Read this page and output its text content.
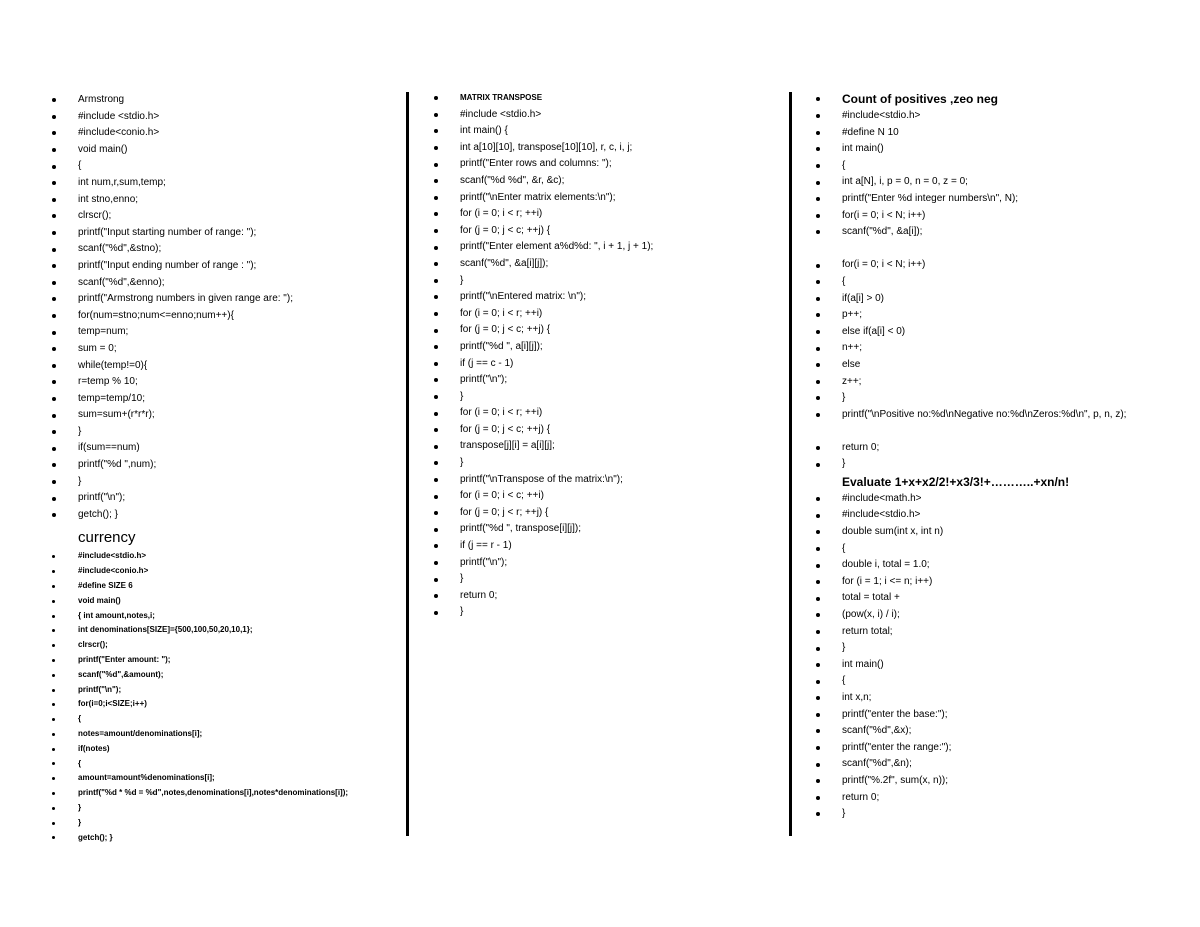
Armstrong
#include <stdio.h>
#include<conio.h>
void main()
{
int num,r,sum,temp;
int stno,enno;
clrscr();
printf("Input starting number of range: ");
scanf("%d",&stno);
printf("Input ending number of range : ");
scanf("%d",&enno);
printf("Armstrong numbers in given range are: ");
for(num=stno;num<=enno;num++){
temp=num;
sum = 0;
while(temp!=0){
r=temp % 10;
temp=temp/10;
sum=sum+(r*r*r);
}
if(sum==num)
printf("%d ",num);
}
printf("\n");
getch(); }
currency
#include<stdio.h>
#include<conio.h>
#define SIZE 6
void main()
{ int amount,notes,i;
int denominations[SIZE]={500,100,50,20,10,1};
clrscr();
printf("Enter amount: ");
scanf("%d",&amount);
printf("\n");
for(i=0;i<SIZE;i++)
{
notes=amount/denominations[i];
if(notes)
{
amount=amount%denominations[i];
printf("%d * %d = %d",notes,denominations[i],notes*denominations[i]);
}
}
getch(); }
MATRIX TRANSPOSE
#include <stdio.h>
int main() {
int a[10][10], transpose[10][10], r, c, i, j;
printf("Enter rows and columns: ");
scanf("%d %d", &r, &c);
printf("\nEnter matrix elements:\n");
for (i = 0; i < r; ++i)
for (j = 0; j < c; ++j) {
printf("Enter element a%d%d: ", i + 1, j + 1);
scanf("%d", &a[i][j]);
}
printf("\nEntered matrix: \n");
for (i = 0; i < r; ++i)
for (j = 0; j < c; ++j) {
printf("%d ", a[i][j]);
if (j == c - 1)
printf("\n");
}
for (i = 0; i < r; ++i)
for (j = 0; j < c; ++j) {
transpose[j][i] = a[i][j];
}
printf("\nTranspose of the matrix:\n");
for (i = 0; i < c; ++i)
for (j = 0; j < r; ++j) {
printf("%d ", transpose[i][j]);
if (j == r - 1)
printf("\n");
}
return 0;
}
Count of positives ,zeo neg
#include<stdio.h>
#define N 10
int main()
{
int a[N], i, p = 0, n = 0, z = 0;
printf("Enter %d integer numbers\n", N);
for(i = 0; i < N; i++)
scanf("%d", &a[i]);
for(i = 0; i < N; i++)
{
if(a[i] > 0)
p++;
else if(a[i] < 0)
n++;
else
z++;
}
printf("\nPositive no:%d\nNegative no:%d\nZeros:%d\n", p, n, z);
return 0;
}
Evaluate 1+x+x2/2!+x3/3!+………..+xn/n!
#include<math.h>
#include<stdio.h>
double sum(int x, int n)
{
double i, total = 1.0;
for (i = 1; i <= n; i++)
total = total +
(pow(x, i) / i);
return total;
}
int main()
{
int x,n;
printf("enter the base:");
scanf("%d",&x);
printf("enter the range:");
scanf("%d",&n);
printf("%.2f", sum(x, n));
return 0;
}
